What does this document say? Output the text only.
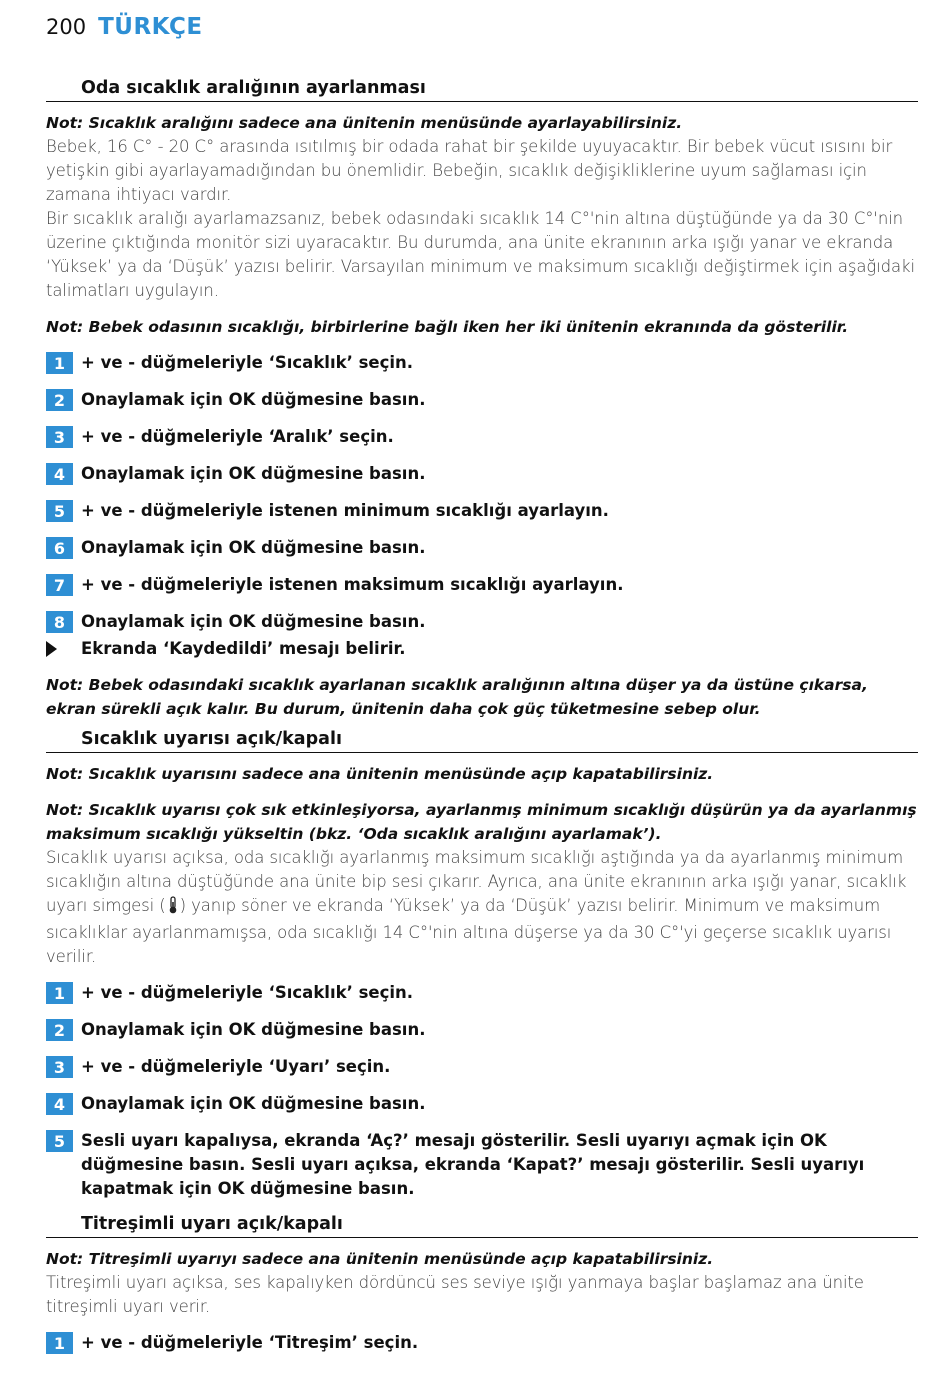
200 TÜRKÇE
Oda sıcaklık aralığının ayarlanması
Not: Sıcaklık aralığını sadece ana ünitenin menüsünde ayarlayabilirsiniz.
Bebek, 16 C° - 20 C° arasında ısıtılmış bir odada rahat bir şekilde uyuyacaktır. Bir bebek vücut ısısını bir yetişkin gibi ayarlayamadığından bu önemlidir. Bebeğin, sıcaklık değişikliklerine uyum sağlaması için zamana ihtiyacı vardır.
Bir sıcaklık aralığı ayarlamazsanız, bebek odasındaki sıcaklık 14 C°'nin altına düştüğünde ya da 30 C°'nin üzerine çıktığında monitör sizi uyaracaktır. Bu durumda, ana ünite ekranının arka ışığı yanar ve ekranda ‘Yüksek’ ya da ‘Düşük’ yazısı belirir. Varsayılan minimum ve maksimum sıcaklığı değiştirmek için aşağıdaki talimatları uygulayın.
Not: Bebek odasının sıcaklığı, birbirlerine bağlı iken her iki ünitenin ekranında da gösterilir.
1 + ve - düğmeleriyle ‘Sıcaklık’ seçin.
2 Onaylamak için OK düğmesine basın.
3 + ve - düğmeleriyle ‘Aralık’ seçin.
4 Onaylamak için OK düğmesine basın.
5 + ve - düğmeleriyle istenen minimum sıcaklığı ayarlayın.
6 Onaylamak için OK düğmesine basın.
7 + ve - düğmeleriyle istenen maksimum sıcaklığı ayarlayın.
8 Onaylamak için OK düğmesine basın.
Ekranda ‘Kaydedildi’ mesajı belirir.
Not: Bebek odasındaki sıcaklık ayarlanan sıcaklık aralığının altına düşer ya da üstüne çıkarsa, ekran sürekli açık kalır. Bu durum, ünitenin daha çok güç tüketmesine sebep olur.
Sıcaklık uyarısı açık/kapalı
Not: Sıcaklık uyarısını sadece ana ünitenin menüsünde açıp kapatabilirsiniz.
Not: Sıcaklık uyarısı çok sık etkinleşiyorsa, ayarlanmış minimum sıcaklığı düşürün ya da ayarlanmış maksimum sıcaklığı yükseltin (bkz. ‘Oda sıcaklık aralığını ayarlamak’).
Sıcaklık uyarısı açıksa, oda sıcaklığı ayarlanmış maksimum sıcaklığı aştığında ya da ayarlanmış minimum sıcaklığın altına düştüğünde ana ünite bip sesi çıkarır. Ayrıca, ana ünite ekranının arka ışığı yanar, sıcaklık uyarı simgesi ( ) yanıp söner ve ekranda ‘Yüksek’ ya da ‘Düşük’ yazısı belirir. Minimum ve maksimum sıcaklıklar ayarlanmamışsa, oda sıcaklığı 14 C°'nin altına düşerse ya da 30 C°'yi geçerse sıcaklık uyarısı verilir.
1 + ve - düğmeleriyle ‘Sıcaklık’ seçin.
2 Onaylamak için OK düğmesine basın.
3 + ve - düğmeleriyle ‘Uyarı’ seçin.
4 Onaylamak için OK düğmesine basın.
5 Sesli uyarı kapalıysa, ekranda ‘Aç?’ mesajı gösterilir. Sesli uyarıyı açmak için OK düğmesine basın. Sesli uyarı açıksa, ekranda ‘Kapat?’ mesajı gösterilir. Sesli uyarıyı kapatmak için OK düğmesine basın.
Titreşimli uyarı açık/kapalı
Not: Titreşimli uyarıyı sadece ana ünitenin menüsünde açıp kapatabilirsiniz.
Titreşimli uyarı açıksa, ses kapalıyken dördüncü ses seviye ışığı yanmaya başlar başlamaz ana ünite titreşimli uyarı verir.
1 + ve - düğmeleriyle ‘Titreşim’ seçin.
